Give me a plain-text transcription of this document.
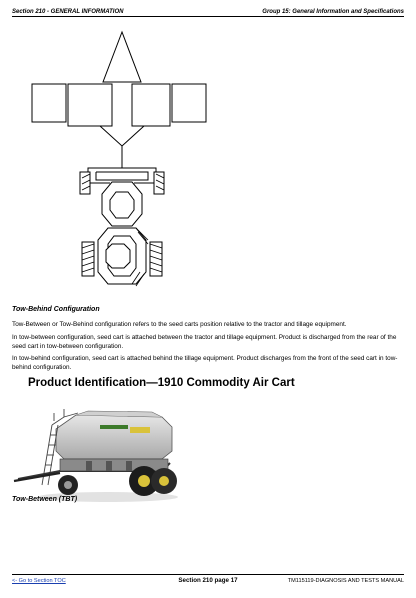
Section 210 - GENERAL INFORMATION	Group 15: General Information and Specifications
Tow-Behind Configuration
Tow-Between or Tow-Behind configuration refers to the seed carts position relative to the tractor and tillage equipment.
In tow-between configuration, seed cart is attached between the tractor and tillage equipment. Product is discharged from the rear of the seed cart in tow-between configuration.
In tow-behind configuration, seed cart is attached behind the tillage equipment. Product discharges from the front of the seed cart in tow-behind configuration.
Product Identification—1910 Commodity Air Cart
Tow-Between (TBT)
<- Go to Section TOC	Section 210 page 17	TM115119-DIAGNOSIS AND TESTS MANUAL
